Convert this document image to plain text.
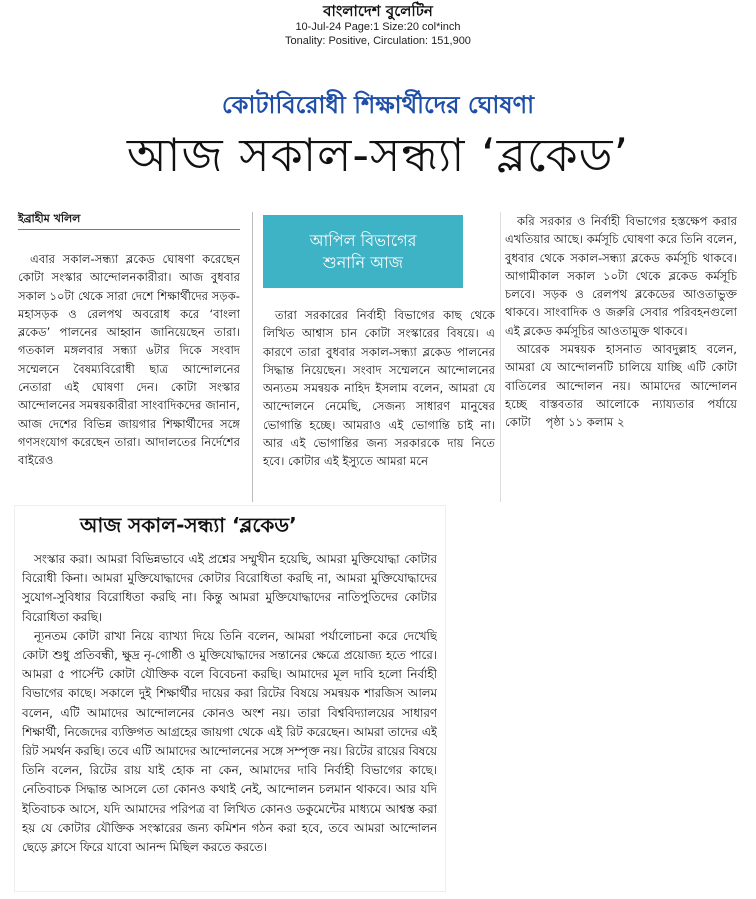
বাংলাদেশ বুলেটিন
10-Jul-24 Page:1 Size:20 col*inch
Tonality: Positive, Circulation: 151,900
কোটাবিরোধী শিক্ষার্থীদের ঘোষণা
আজ সকাল-সন্ধ্যা ‘ব্লকেড’
ইব্রাহীম খলিল

এবার সকাল-সন্ধ্যা ব্লকেড ঘোষণা করেছেন কোটা সংস্কার আন্দোলনকারীরা। আজ বুধবার সকাল ১০টা থেকে সারা দেশে শিক্ষার্থীদের সড়ক-মহাসড়ক ও রেলপথ অবরোধ করে ‘বাংলা ব্লকেড’ পালনের আহ্বান জানিয়েছেন তারা। গতকাল মঙ্গলবার সন্ধ্যা ৬টার দিকে সংবাদ সম্মেলনে বৈষম্যবিরোধী ছাত্র আন্দোলনের নেতারা এই ঘোষণা দেন। কোটা সংস্কার আন্দোলনের সমন্বয়কারীরা সাংবাদিকদের জানান, আজ দেশের বিভিন্ন জায়গার শিক্ষার্থীদের সঙ্গে গণসংযোগ করেছেন তারা। আদালতের নির্দেশের বাইরেও

আপিল বিভাগের
শুনানি আজ

তারা সরকারের নির্বাহী বিভাগের কাছ থেকে লিখিত আশ্বাস চান কোটা সংস্কারের বিষয়ে। এ কারণে তারা বুধবার সকাল-সন্ধ্যা ব্লকেড পালনের সিদ্ধান্ত নিয়েছেন। সংবাদ সম্মেলনে আন্দোলনের অন্যতম সমন্বয়ক নাহিদ ইসলাম বলেন, আমরা যে আন্দোলনে নেমেছি, সেজন্য সাধারণ মানুষের ভোগান্তি হচ্ছে। আমরাও এই ভোগান্তি চাই না। আর এই ভোগান্তির জন্য সরকারকে দায় নিতে হবে। কোটার এই ইস্যুতে আমরা মনে

করি সরকার ও নির্বাহী বিভাগের হস্তক্ষেপ করার এখতিয়ার আছে। কর্মসূচি ঘোষণা করে তিনি বলেন, বুধবার থেকে সকাল-সন্ধ্যা ব্লকেড কর্মসূচি থাকবে। আগামীকাল সকাল ১০টা থেকে ব্লকেড কর্মসূচি চলবে। সড়ক ও রেলপথ ব্লকেডের আওতাভুক্ত থাকবে। সাংবাদিক ও জরুরি সেবার পরিবহনগুলো এই ব্লকেড কর্মসূচির আওতামুক্ত থাকবে।

আরেক সমন্বয়ক হাসনাত আবদুল্লাহ বলেন, আমরা যে আন্দোলনটি চালিয়ে যাচ্ছি এটি কোটা বাতিলের আন্দোলন নয়। আমাদের আন্দোলন হচ্ছে বাস্তবতার আলোকে ন্যায্যতার পর্যায়ে কোটা পৃষ্ঠা ১১ কলাম ২

আজ সকাল-সন্ধ্যা ‘ব্লকেড’

সংস্কার করা। আমরা বিভিন্নভাবে এই প্রশ্নের সম্মুখীন হয়েছি, আমরা মুক্তিযোদ্ধা কোটার বিরোধী কিনা। আমরা মুক্তিযোদ্ধাদের কোটার বিরোধিতা করছি না, আমরা মুক্তিযোদ্ধাদের সুযোগ-সুবিধার বিরোধিতা করছি না। কিন্তু আমরা মুক্তিযোদ্ধাদের নাতিপুতিদের কোটার বিরোধিতা করছি।

ন্যূনতম কোটা রাখা নিয়ে ব্যাখ্যা দিয়ে তিনি বলেন, আমরা পর্যালোচনা করে দেখেছি কোটা শুধু প্রতিবন্ধী, ক্ষুদ্র নৃ-গোষ্ঠী ও মুক্তিযোদ্ধাদের সন্তানের ক্ষেত্রে প্রয়োজ্য হতে পারে। আমরা ৫ পার্সেন্ট কোটা যৌক্তিক বলে বিবেচনা করছি। আমাদের মূল দাবি হলো নির্বাহী বিভাগের কাছে। সকালে দুই শিক্ষার্থীর দায়ের করা রিটের বিষয়ে সমন্বয়ক শারজিস আলম বলেন, এটি আমাদের আন্দোলনের কোনও অংশ নয়। তারা বিশ্ববিদ্যালয়ের সাধারণ শিক্ষার্থী, নিজেদের ব্যক্তিগত আগ্রহের জায়গা থেকে এই রিট করেছেন। আমরা তাদের এই রিট সমর্থন করছি। তবে এটি আমাদের আন্দোলনের সঙ্গে সম্পৃক্ত নয়। রিটের রায়ের বিষয়ে তিনি বলেন, রিটের রায় যাই হোক না কেন, আমাদের দাবি নির্বাহী বিভাগের কাছে। নেতিবাচক সিদ্ধান্ত আসলে তো কোনও কথাই নেই, আন্দোলন চলমান থাকবে। আর যদি ইতিবাচক আসে, যদি আমাদের পরিপত্র বা লিখিত কোনও ডকুমেন্টের মাধ্যমে আশ্বস্ত করা হয় যে কোটার যৌক্তিক সংস্কারের জন্য কমিশন গঠন করা হবে, তবে আমরা আন্দোলন ছেড়ে ক্লাসে ফিরে যাবো আনন্দ মিছিল করতে করতে।
